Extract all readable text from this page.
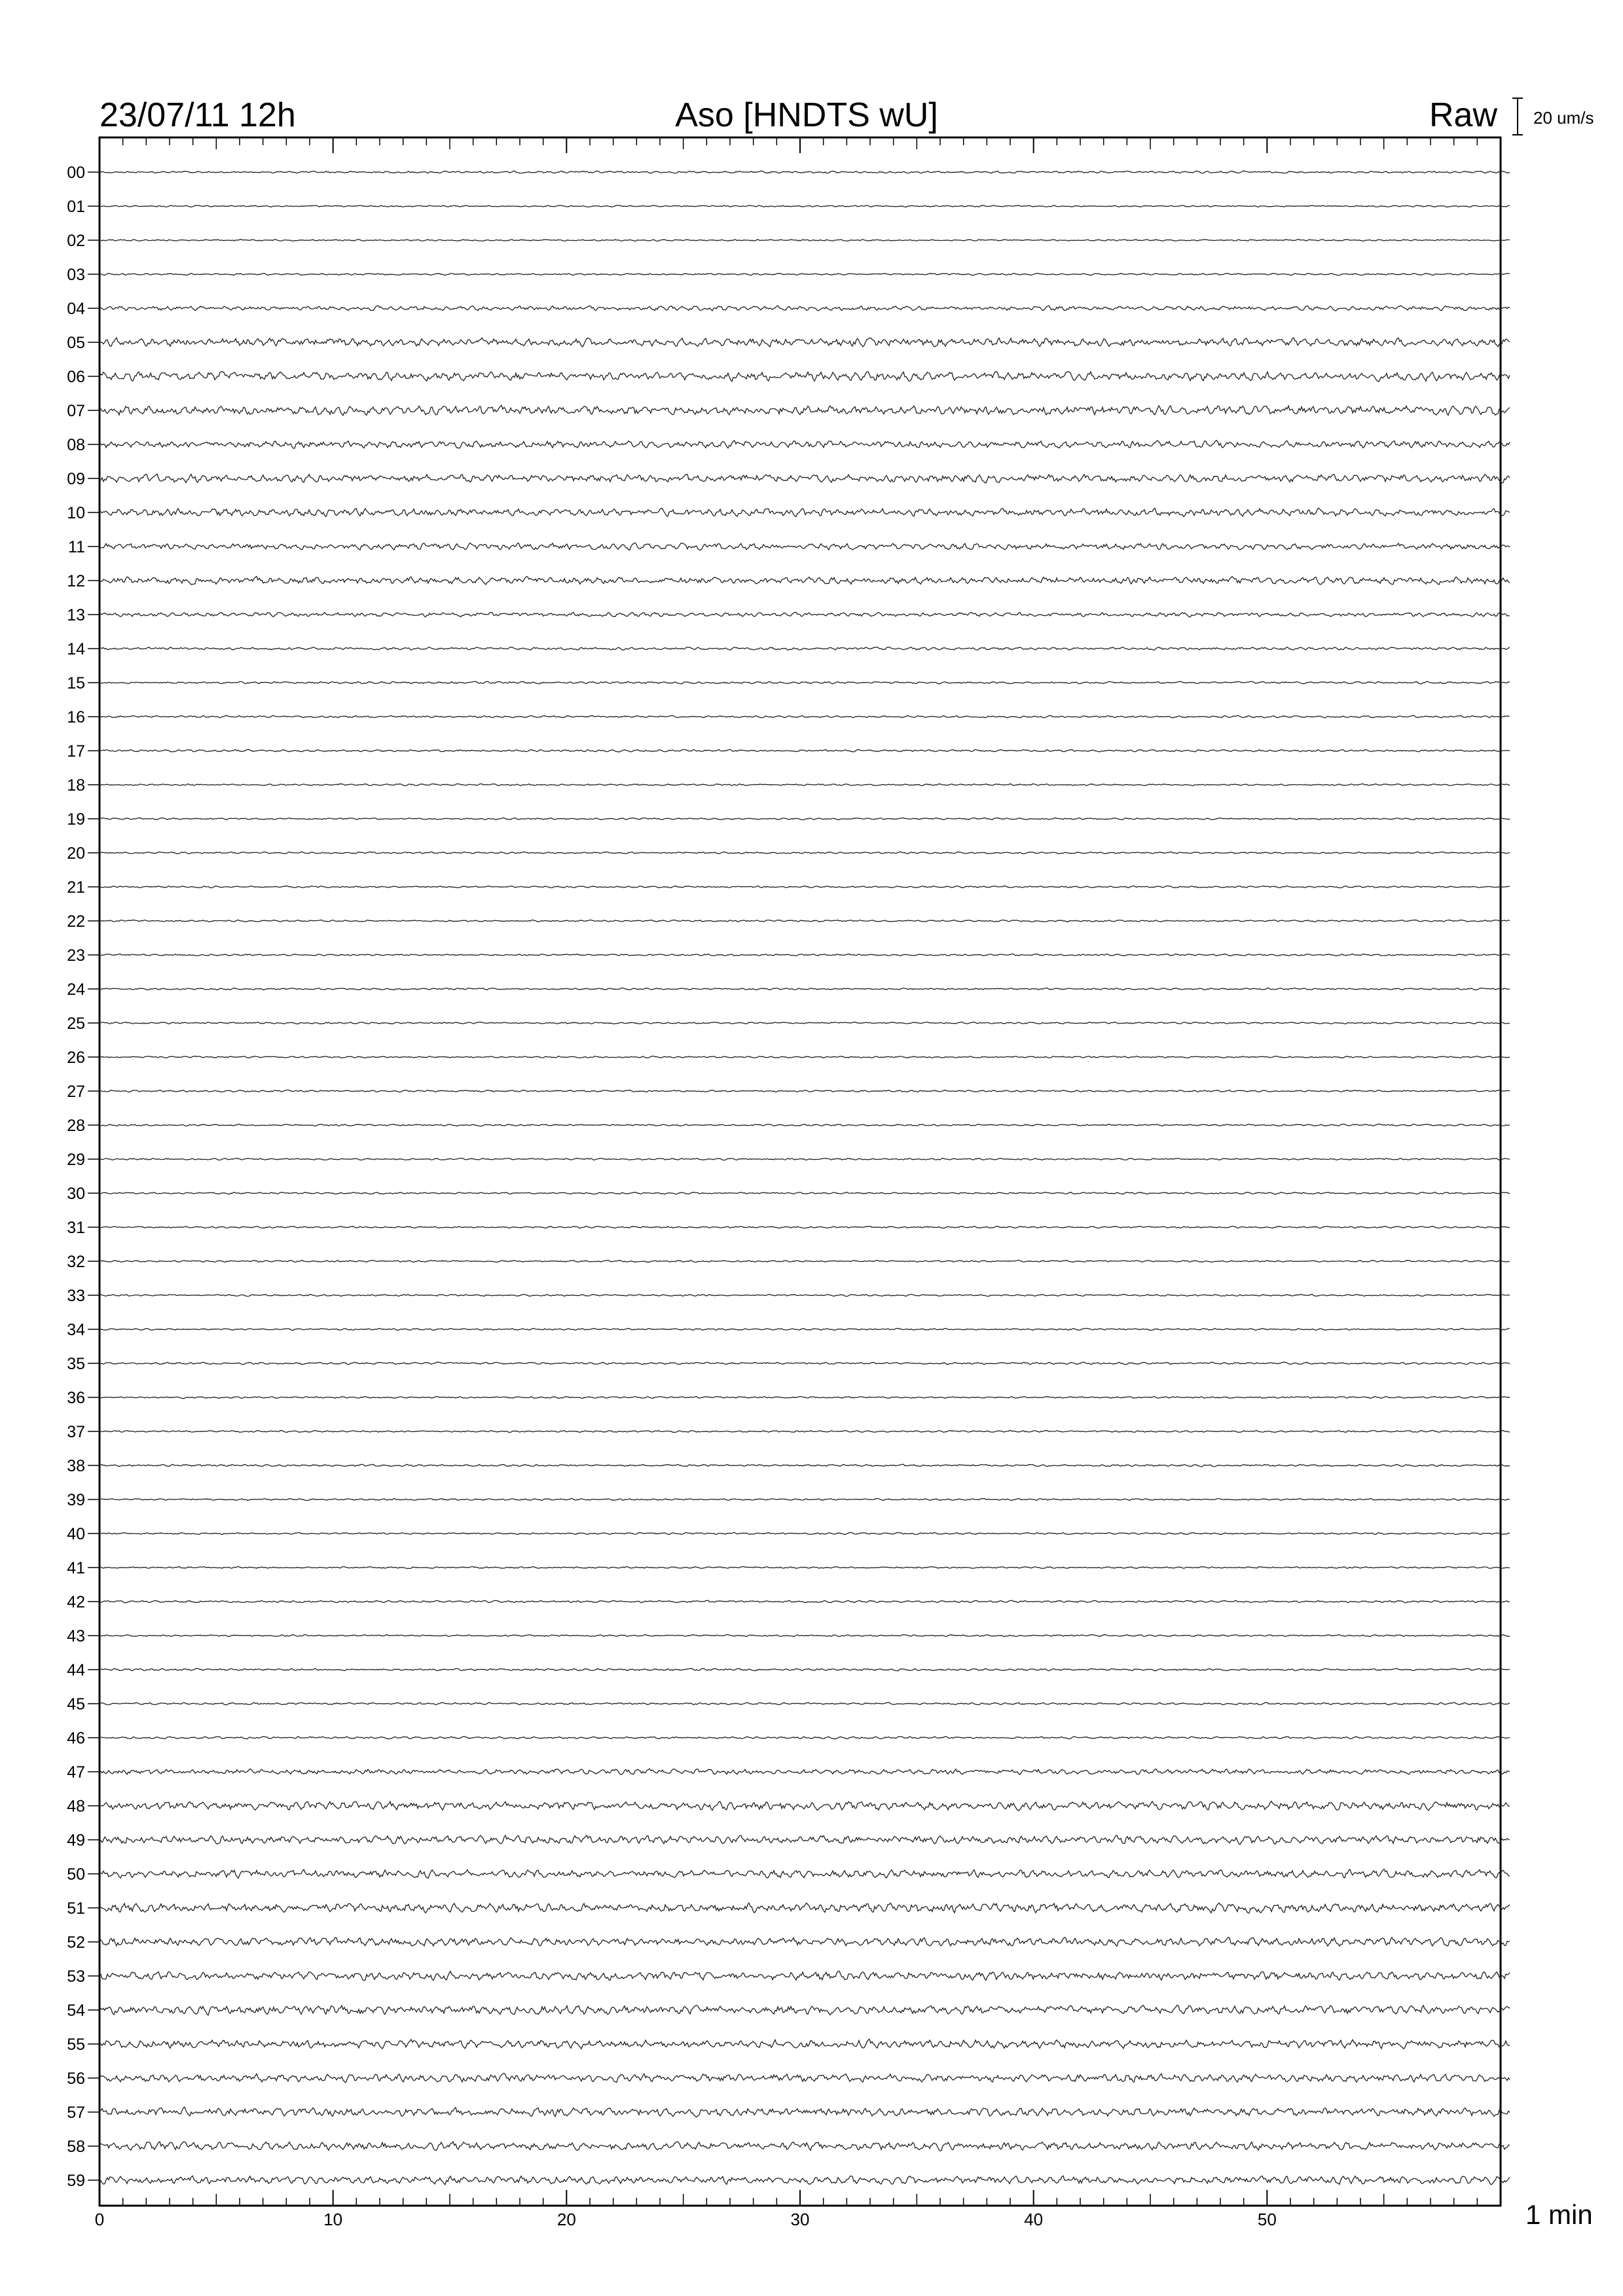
23/07/11 12h	Aso [HNDTS wU]	Raw 20 um/s
00
01
02
03
04
05
06
07
08
09
10
11
12
13
14
15
16
17
18
19
20
21
22
23
24
25
26
27
28
29
30
31
32
33
34
35
36
37
38
39
40
41
42
43
44
45
46
47
48
49
50
51
52
53
54
55
56
57
58
59
0	10	20	30	40	50	1 min
